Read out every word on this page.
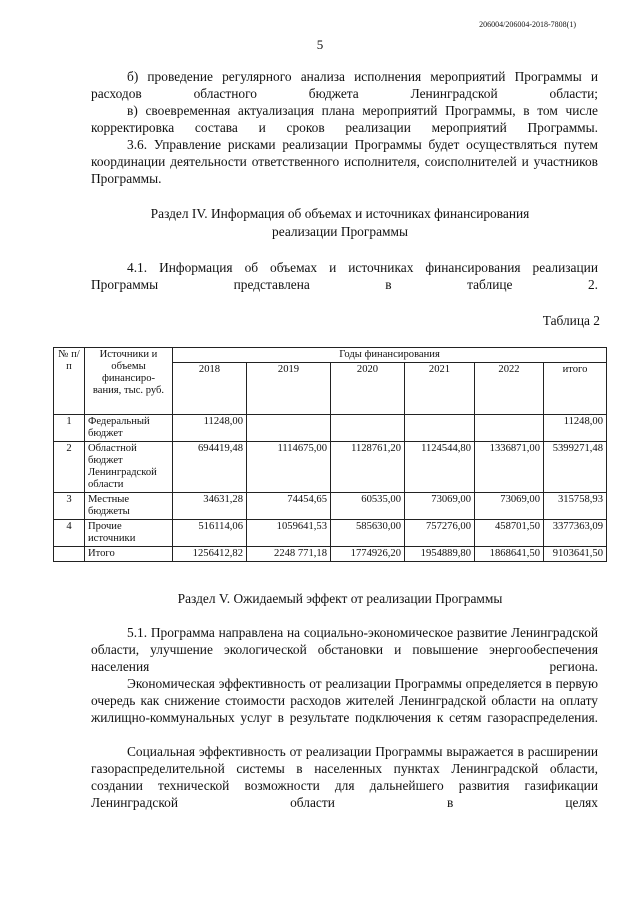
206004/206004-2018-7808(1)
5

б) проведение регулярного анализа исполнения мероприятий Программы и расходов областного бюджета Ленинградской области;

в) своевременная актуализация плана мероприятий Программы, в том числе корректировка состава и сроков реализации мероприятий Программы.

3.6. Управление рисками реализации Программы будет осуществляться путем координации деятельности ответственного исполнителя, соисполнителей и участников Программы.

Раздел IV. Информация об объемах и источниках финансирования
реализации Программы

4.1. Информация об объемах и источниках финансирования реализации Программы представлена в таблице 2.

Таблица 2
№ п/п	Источники и объемы финансиро- вания, тыс. руб.	Годы финансирования					
		2018	2019	2020	2021	2022	итого
1	Федеральный бюджет	11248,00					11248,00
2	Областной бюджет Ленинградской области	694419,48	1114675,00	1128761,20	1124544,80	1336871,00	5399271,48
3	Местные бюджеты	34631,28	74454,65	60535,00	73069,00	73069,00	315758,93
4	Прочие источники	516114,06	1059641,53	585630,00	757276,00	458701,50	3377363,09
	Итого	1256412,82	2248 771,18	1774926,20	1954889,80	1868641,50	9103641,50

Раздел V. Ожидаемый эффект от реализации Программы

5.1. Программа направлена на социально-экономическое развитие Ленинградской области, улучшение экологической обстановки и повышение энергообеспечения населения региона.

Экономическая эффективность от реализации Программы определяется в первую очередь как снижение стоимости расходов жителей Ленинградской области на оплату жилищно-коммунальных услуг в результате подключения к сетям газораспределения.

Социальная эффективность от реализации Программы выражается в расширении газораспределительной системы в населенных пунктах Ленинградской области, создании технической возможности для дальнейшего развития газификации Ленинградской области в целях
